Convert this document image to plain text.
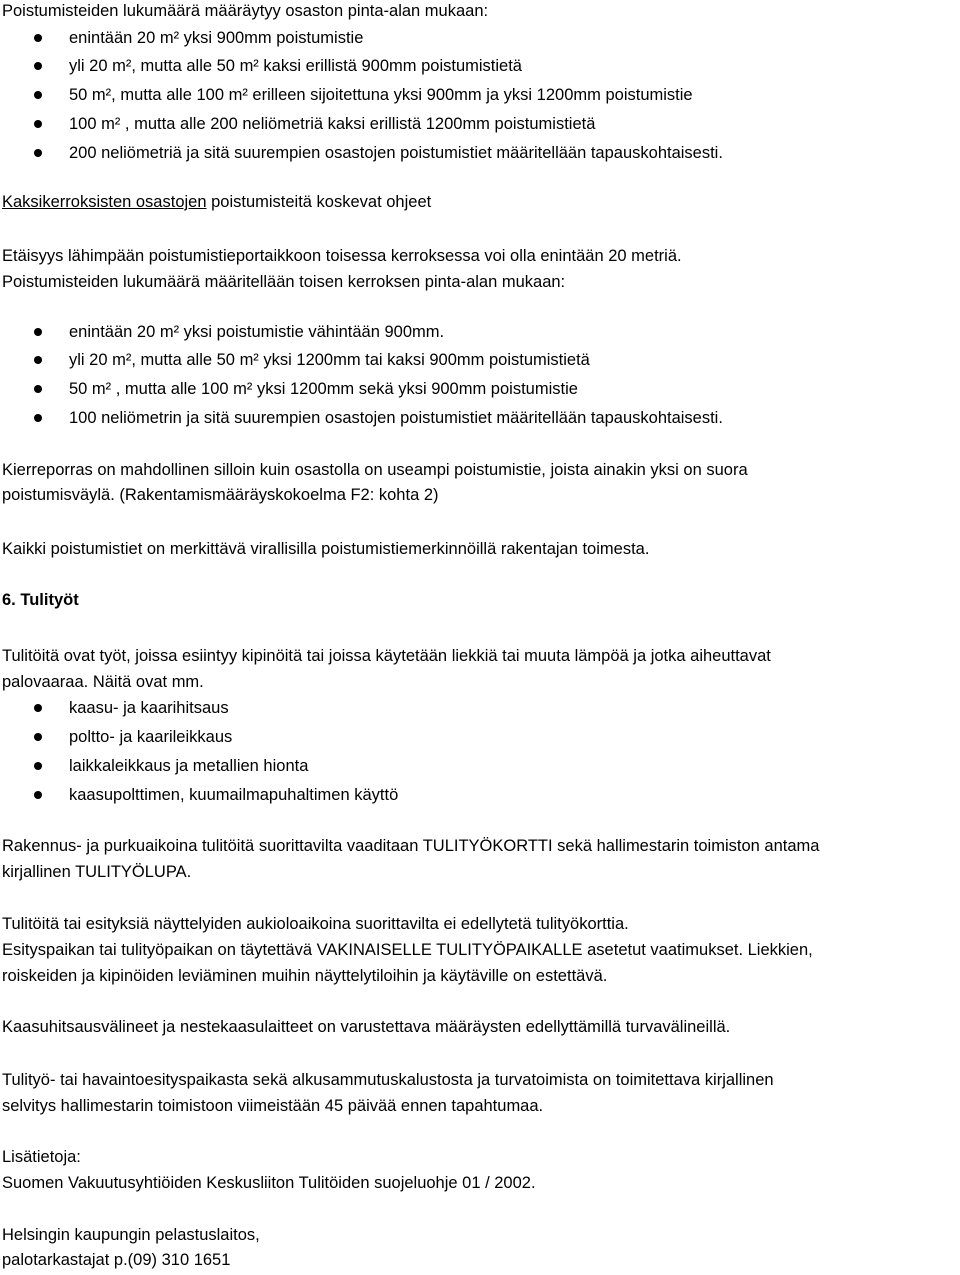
Poistumisteiden lukumäärä määräytyy osaston pinta-alan mukaan:

enintään 20 m² yksi 900mm poistumistie

yli 20 m², mutta alle 50 m² kaksi erillistä 900mm poistumistietä

50 m², mutta alle 100 m² erilleen sijoitettuna yksi 900mm ja yksi 1200mm poistumistie

100 m² , mutta alle 200 neliömetriä kaksi erillistä 1200mm poistumistietä

200 neliömetriä ja sitä suurempien osastojen poistumistiet määritellään tapauskohtaisesti.

Kaksikerroksisten osastojen poistumisteitä koskevat ohjeet

Etäisyys lähimpään poistumistieportaikkoon toisessa kerroksessa voi olla enintään 20 metriä.

Poistumisteiden lukumäärä määritellään toisen kerroksen pinta-alan mukaan:

enintään 20 m² yksi poistumistie vähintään 900mm.

yli 20 m², mutta alle 50 m² yksi 1200mm tai kaksi 900mm poistumistietä

50 m² , mutta alle 100 m² yksi 1200mm sekä yksi 900mm poistumistie

100 neliömetrin ja sitä suurempien osastojen poistumistiet määritellään tapauskohtaisesti.

Kierreporras on mahdollinen silloin kuin osastolla on useampi poistumistie, joista ainakin yksi on suora

poistumisväylä. (Rakentamismääräyskokoelma F2: kohta 2)

Kaikki poistumistiet on merkittävä virallisilla poistumistiemerkinnöillä rakentajan toimesta.

6. Tulityöt

Tulitöitä ovat työt, joissa esiintyy kipinöitä tai joissa käytetään liekkiä tai muuta lämpöä ja jotka aiheuttavat

palovaaraa. Näitä ovat mm.

kaasu- ja kaarihitsaus

poltto- ja kaarileikkaus

laikkaleikkaus ja metallien hionta

kaasupolttimen, kuumailmapuhaltimen käyttö

Rakennus- ja purkuaikoina tulitöitä suorittavilta vaaditaan TULITYÖKORTTI sekä hallimestarin toimiston antama

kirjallinen TULITYÖLUPA.

Tulitöitä tai esityksiä näyttelyiden aukioloaikoina suorittavilta ei edellytetä tulityökorttia.

Esityspaikan tai tulityöpaikan on täytettävä VAKINAISELLE TULITYÖPAIKALLE asetetut vaatimukset. Liekkien,

roiskeiden ja kipinöiden leviäminen muihin näyttelytiloihin ja käytäville on estettävä.

Kaasuhitsausvälineet ja nestekaasulaitteet on varustettava määräysten edellyttämillä turvavälineillä.

Tulityö- tai havaintoesityspaikasta sekä alkusammutuskalustosta ja turvatoimista on toimitettava kirjallinen

selvitys hallimestarin toimistoon viimeistään 45 päivää ennen tapahtumaa.

Lisätietoja:

Suomen Vakuutusyhtiöiden Keskusliiton Tulitöiden suojeluohje 01 / 2002.

Helsingin kaupungin pelastuslaitos,

palotarkastajat p.(09) 310 1651
